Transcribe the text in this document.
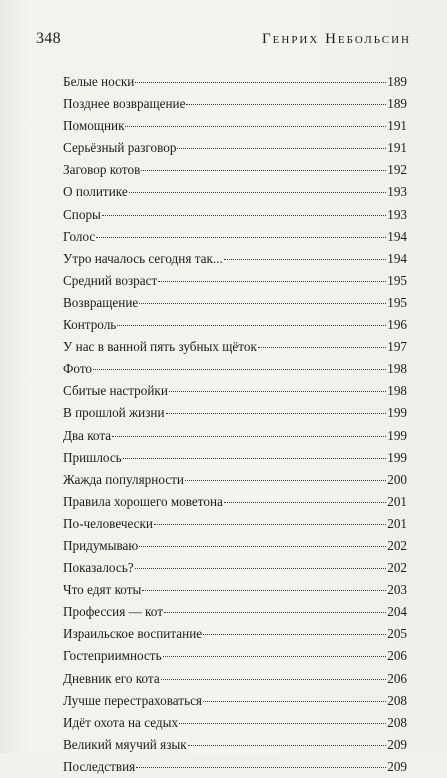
348	Генрих Небольсин
Белые носки	189
Позднее возвращение	189
Помощник	191
Серьёзный разговор	191
Заговор котов	192
О политике	193
Споры	193
Голос	194
Утро началось сегодня так...	194
Средний возраст	195
Возвращение	195
Контроль	196
У нас в ванной пять зубных щёток	197
Фото	198
Сбитые настройки	198
В прошлой жизни	199
Два кота	199
Пришлось	199
Жажда популярности	200
Правила хорошего моветона	201
По-человечески	201
Придумываю	202
Показалось?	202
Что едят коты	203
Профессия — кот	204
Израильское воспитание	205
Гостеприимность	206
Дневник его кота	206
Лучше перестраховаться	208
Идёт охота на седых	208
Великий мяучий язык	209
Последствия	209
